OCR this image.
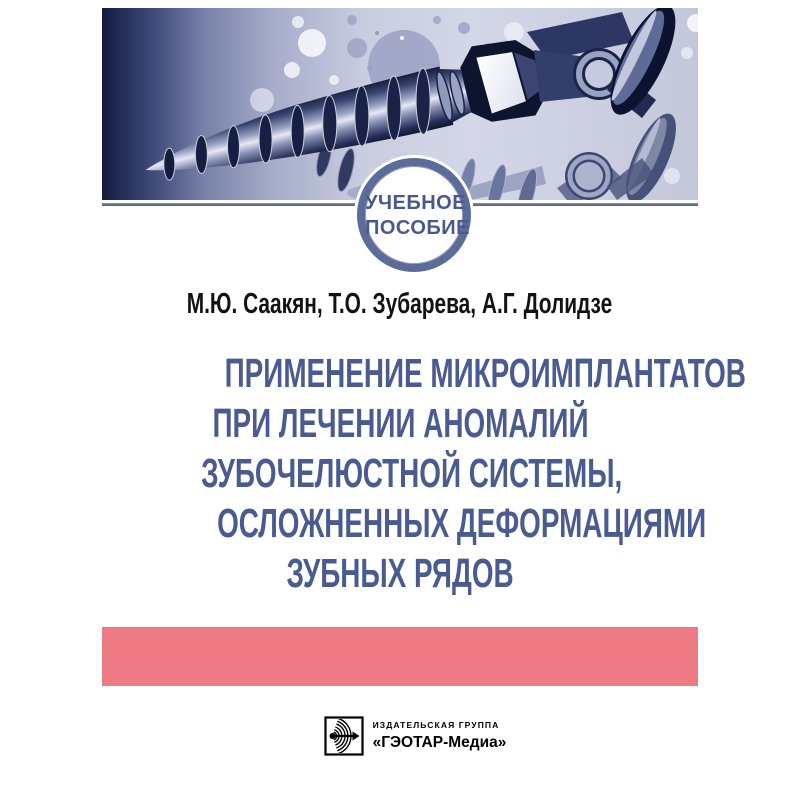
УЧЕБНОЕ
ПОСОБИЕ
М.Ю. Саакян, Т.О. Зубарева, А.Г. Долидзе
ПРИМЕНЕНИЕ МИКРОИМПЛАНТАТОВ
ПРИ ЛЕЧЕНИИ АНОМАЛИЙ
ЗУБОЧЕЛЮСТНОЙ СИСТЕМЫ,
ОСЛОЖНЕННЫХ ДЕФОРМАЦИЯМИ
ЗУБНЫХ РЯДОВ
ИЗДАТЕЛЬСКАЯ ГРУППА
«ГЭОТАР-Медиа»
